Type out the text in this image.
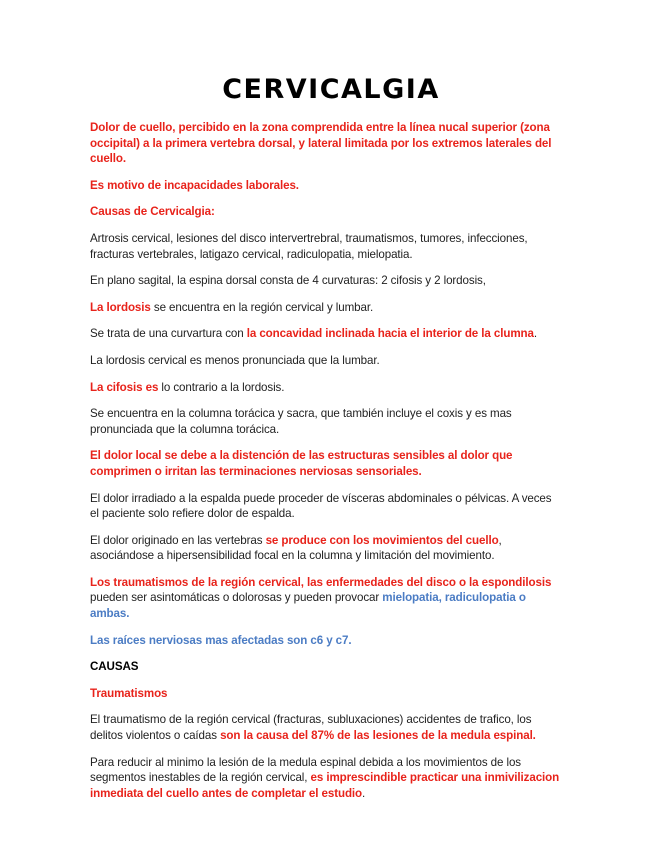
CERVICALGIA

Dolor de cuello, percibido en la zona comprendida entre la línea nucal superior (zona occipital) a la primera vertebra dorsal, y lateral limitada por los extremos laterales del cuello.

Es motivo de incapacidades laborales.

Causas de Cervicalgia:

Artrosis cervical, lesiones del disco intervertrebral, traumatismos, tumores, infecciones, fracturas vertebrales, latigazo cervical, radiculopatia, mielopatia.

En plano sagital, la espina dorsal consta de 4 curvaturas: 2 cifosis y 2 lordosis,

La lordosis se encuentra en la región cervical y lumbar.

Se trata de una curvartura con la concavidad inclinada hacia el interior de la clumna.

La lordosis cervical es menos pronunciada que la lumbar.

La cifosis es lo contrario a la lordosis.

Se encuentra en la columna torácica y sacra, que también incluye el coxis y es mas pronunciada que la columna torácica.

El dolor local se debe a la distención de las estructuras sensibles al dolor que comprimen o irritan las terminaciones nerviosas sensoriales.

El dolor irradiado a la espalda puede proceder de vísceras abdominales o pélvicas. A veces el paciente solo refiere dolor de espalda.

El dolor originado en las vertebras se produce con los movimientos del cuello, asociándose a hipersensibilidad focal en la columna y limitación del movimiento.

Los traumatismos de la región cervical, las enfermedades del disco o la espondilosis pueden ser asintomáticas o dolorosas y pueden provocar mielopatia, radiculopatia o ambas.

Las raíces nerviosas mas afectadas son c6 y c7.

CAUSAS

Traumatismos

El traumatismo de la región cervical (fracturas, subluxaciones) accidentes de trafico, los delitos violentos o caídas son la causa del 87% de las lesiones de la medula espinal.

Para reducir al minimo la lesión de la medula espinal debida a los movimientos de los segmentos inestables de la región cervical, es imprescindible practicar una inmivilizacion inmediata del cuello antes de completar el estudio.
